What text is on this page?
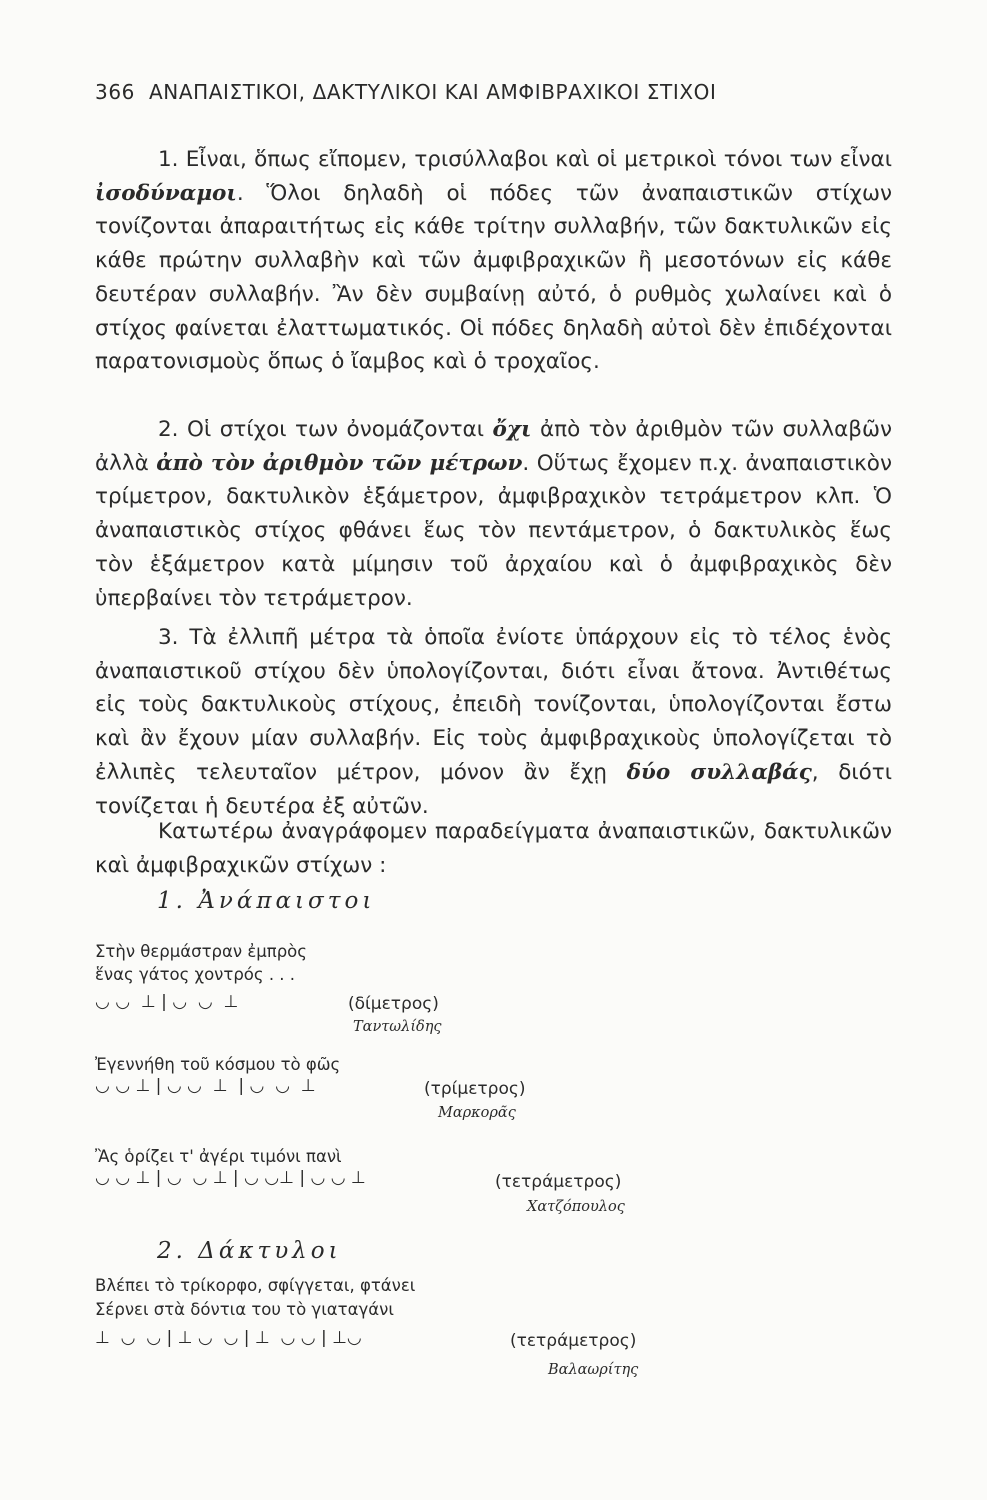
366 ΑΝΑΠΑΙΣΤΙΚΟΙ, ΔΑΚΤΥΛΙΚΟΙ ΚΑΙ ΑΜΦΙΒΡΑΧΙΚΟΙ ΣΤΙΧΟΙ

1. Εἶναι, ὅπως εἴπομεν, τρισύλλαβοι καὶ οἱ μετρικοὶ τόνοι των εἶναι ἰσοδύναμοι. Ὅλοι δηλαδὴ οἱ πόδες τῶν ἀναπαιστικῶν στίχων τονίζονται ἀπαραιτήτως εἰς κάθε τρίτην συλλαβήν, τῶν δακτυλικῶν εἰς κάθε πρώτην συλλαβὴν καὶ τῶν ἀμφιβραχικῶν ἢ μεσοτόνων εἰς κάθε δευτέραν συλλαβήν. Ἂν δὲν συμβαίνῃ αὐτό, ὁ ρυθμὸς χωλαίνει καὶ ὁ στίχος φαίνεται ἐλαττωματικός. Οἱ πόδες δηλαδὴ αὐτοὶ δὲν ἐπιδέχονται παρατονισμοὺς ὅπως ὁ ἴαμβος καὶ ὁ τροχαῖος.

2. Οἱ στίχοι των ὀνομάζονται ὄχι ἀπὸ τὸν ἀριθμὸν τῶν συλλαβῶν ἀλλὰ ἀπὸ τὸν ἀριθμὸν τῶν μέτρων. Οὕτως ἔχομεν π.χ. ἀναπαιστικὸν τρίμετρον, δακτυλικὸν ἑξάμετρον, ἀμφιβραχικὸν τετράμετρον κλπ. Ὁ ἀναπαιστικὸς στίχος φθάνει ἕως τὸν πεντάμετρον, ὁ δακτυλικὸς ἕως τὸν ἑξάμετρον κατὰ μίμησιν τοῦ ἀρχαίου καὶ ὁ ἀμφιβραχικὸς δὲν ὑπερβαίνει τὸν τετράμετρον.

3. Τὰ ἐλλιπῆ μέτρα τὰ ὁποῖα ἐνίοτε ὑπάρχουν εἰς τὸ τέλος ἑνὸς ἀναπαιστικοῦ στίχου δὲν ὑπολογίζονται, διότι εἶναι ἄτονα. Ἀντιθέτως εἰς τοὺς δακτυλικοὺς στίχους, ἐπειδὴ τονίζονται, ὑπολογίζονται ἔστω καὶ ἂν ἔχουν μίαν συλλαβήν. Εἰς τοὺς ἀμφιβραχικοὺς ὑπολογίζεται τὸ ἐλλιπὲς τελευταῖον μέτρον, μόνον ἂν ἔχῃ δύο συλλαβάς, διότι τονίζεται ἡ δευτέρα ἐξ αὐτῶν.

Κατωτέρω ἀναγράφομεν παραδείγματα ἀναπαιστικῶν, δακτυλικῶν καὶ ἀμφιβραχικῶν στίχων :

1. Ἀνάπαιστοι
Στὴν θερμάστραν ἐμπρὸς
ἕνας γάτος χοντρός . . .
◡ ◡  ⊥ | ◡  ◡  ⊥	(δίμετρος)
Ταντωλίδης
Ἐγεννήθη τοῦ κόσμου τὸ φῶς
◡ ◡ ⊥ | ◡ ◡  ⊥  | ◡  ◡  ⊥	(τρίμετρος)
Μαρκορᾶς
Ἂς ὁρίζει τ' ἀγέρι τιμόνι πανὶ
◡ ◡ ⊥ | ◡  ◡ ⊥ | ◡ ◡⊥ | ◡ ◡ ⊥	(τετράμετρος)
Χατζόπουλος
2. Δάκτυλοι
Βλέπει τὸ τρίκορφο, σφίγγεται, φτάνει
Σέρνει στὰ δόντια του τὸ γιαταγάνι
⊥  ◡  ◡ | ⊥ ◡  ◡ | ⊥  ◡ ◡ | ⊥◡	(τετράμετρος)
Βαλαωρίτης
